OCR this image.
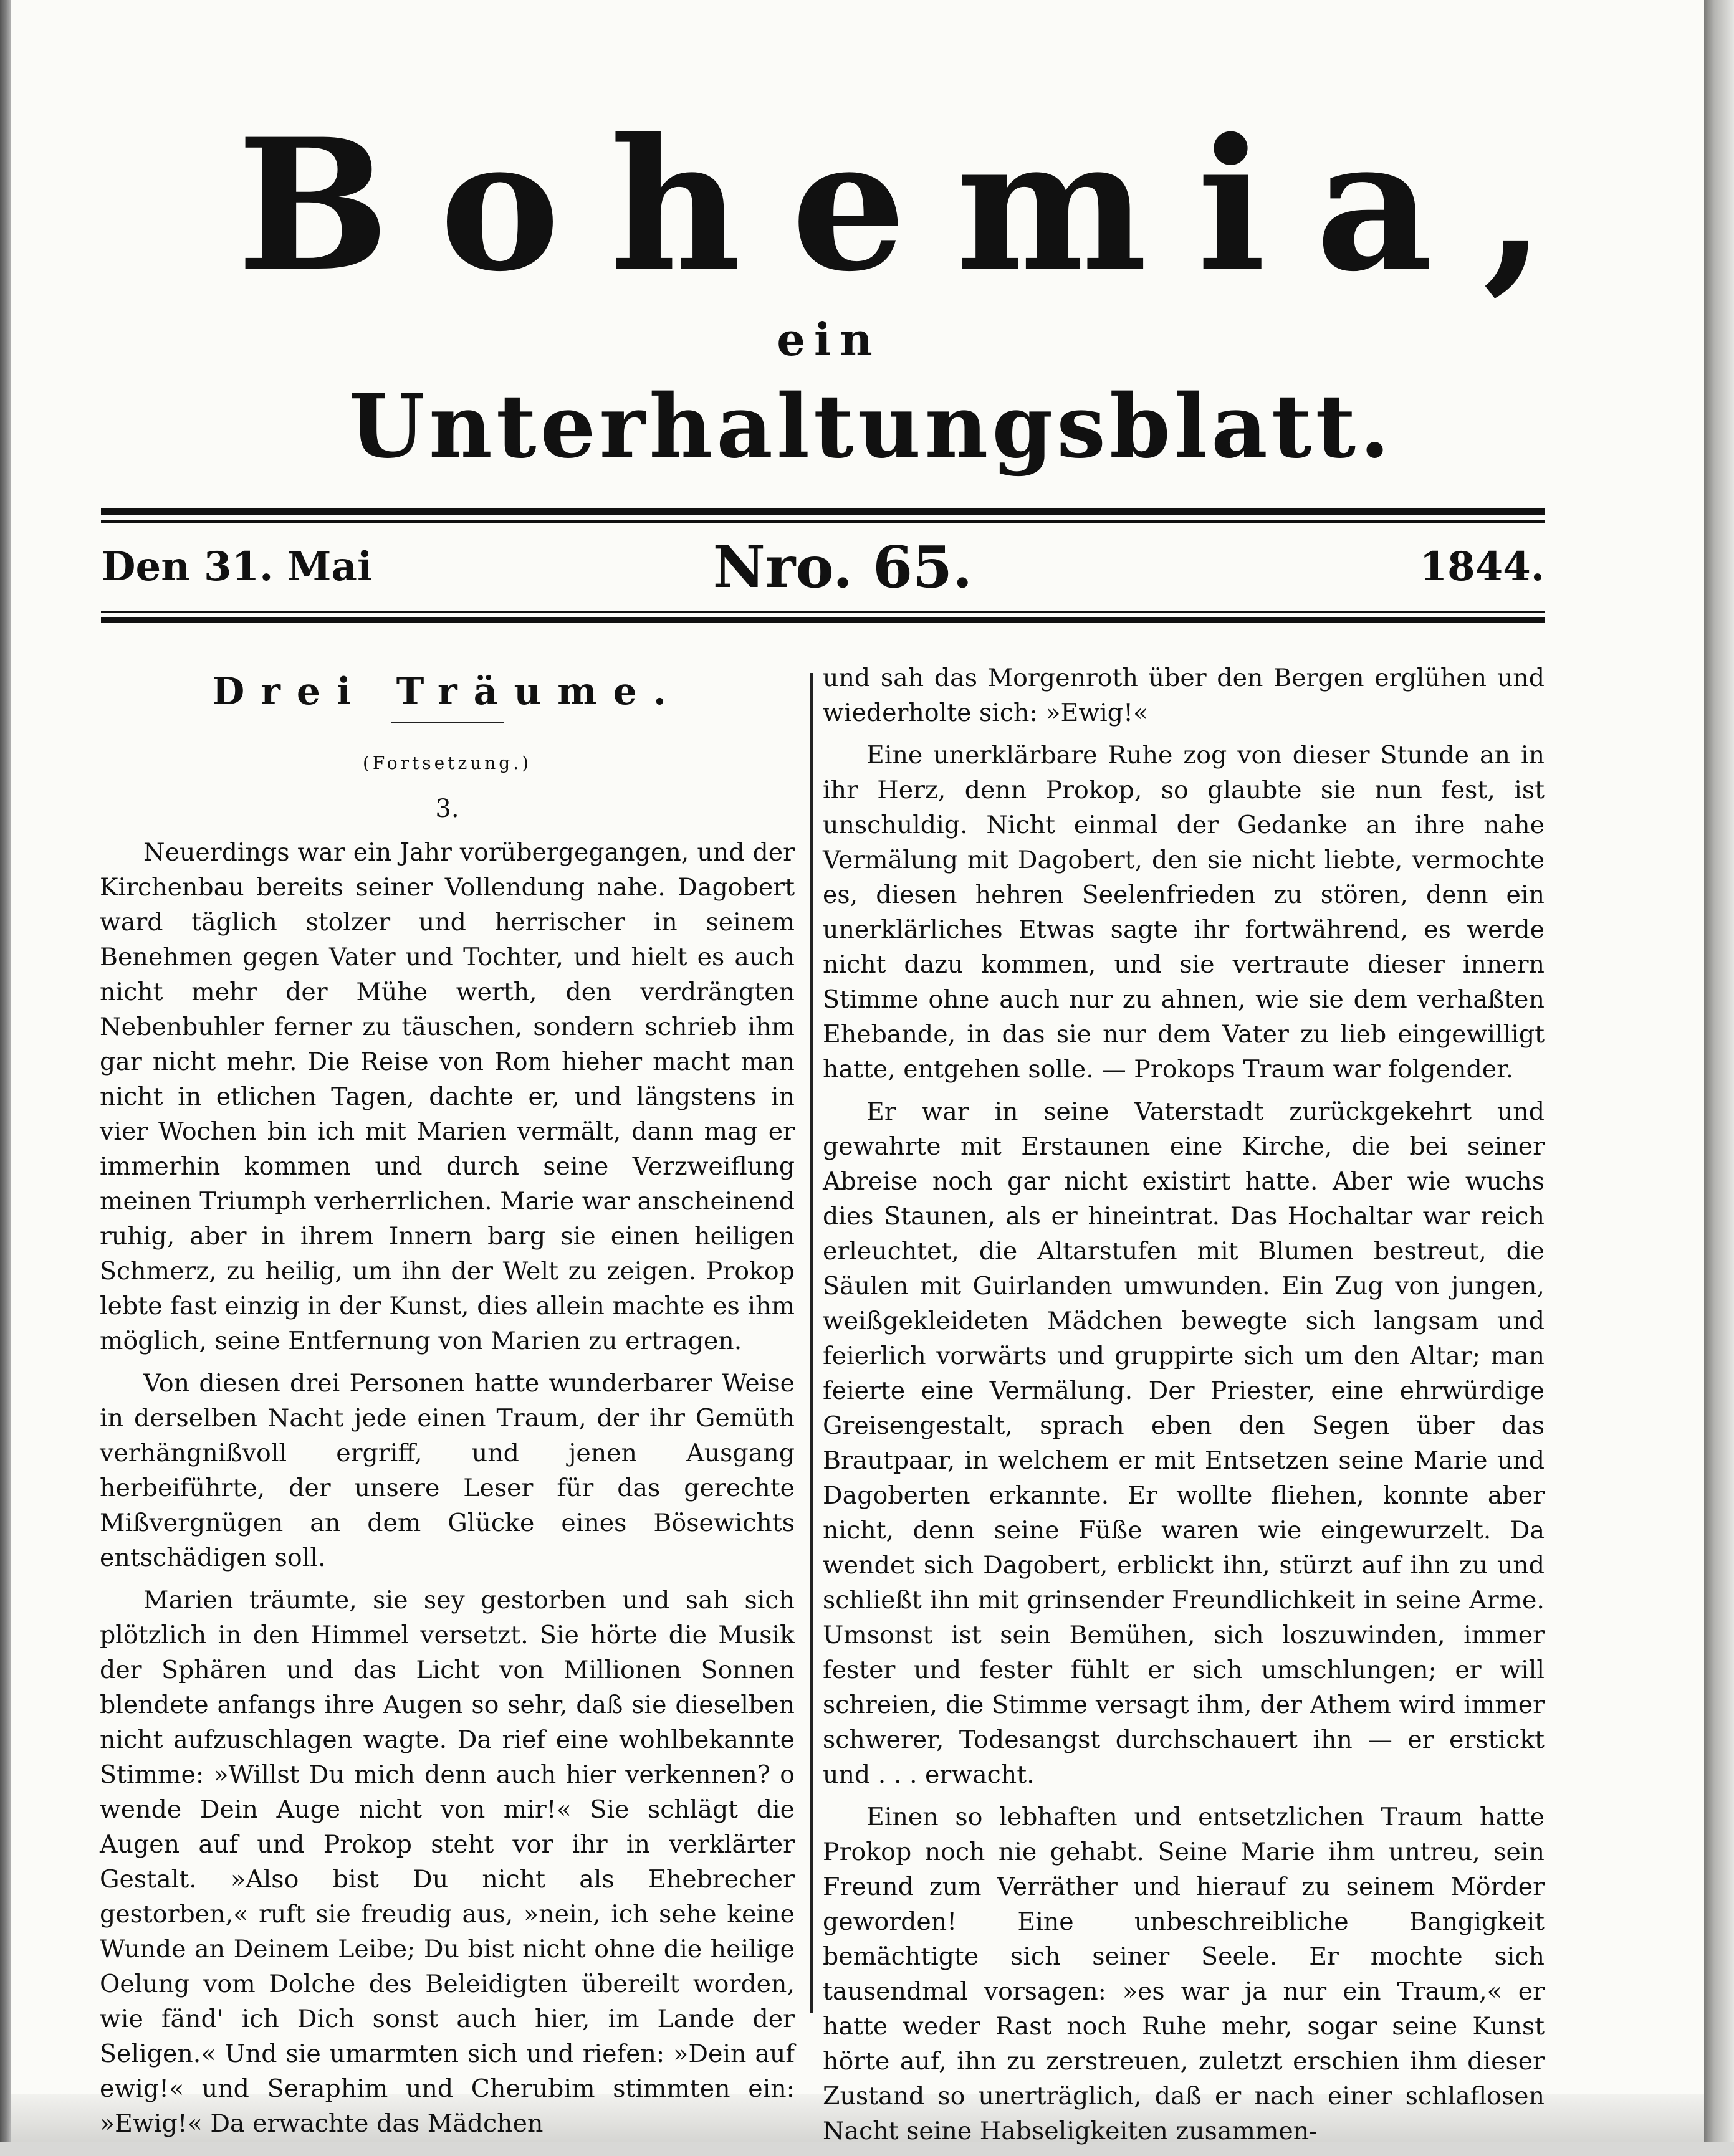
Bohemia,
ein
Unterhaltungsblatt.
Den 31. Mai	Nro. 65.	1844.
Drei Träume.
(Fortsetzung.)
3.

Neuerdings war ein Jahr vorübergegangen, und der Kirchenbau bereits seiner Vollendung nahe. Dagobert ward täglich stolzer und herrischer in seinem Benehmen gegen Vater und Tochter, und hielt es auch nicht mehr der Mühe werth, den verdrängten Nebenbuhler ferner zu täuschen, sondern schrieb ihm gar nicht mehr. Die Reise von Rom hieher macht man nicht in etlichen Tagen, dachte er, und längstens in vier Wochen bin ich mit Marien vermält, dann mag er immerhin kommen und durch seine Verzweiflung meinen Triumph verherrlichen. Marie war anscheinend ruhig, aber in ihrem Innern barg sie einen heiligen Schmerz, zu heilig, um ihn der Welt zu zeigen. Prokop lebte fast einzig in der Kunst, dies allein machte es ihm möglich, seine Entfernung von Marien zu ertragen.

Von diesen drei Personen hatte wunderbarer Weise in derselben Nacht jede einen Traum, der ihr Gemüth verhängnißvoll ergriff, und jenen Ausgang herbeiführte, der unsere Leser für das gerechte Mißvergnügen an dem Glücke eines Bösewichts entschädigen soll.

Marien träumte, sie sey gestorben und sah sich plötzlich in den Himmel versetzt. Sie hörte die Musik der Sphären und das Licht von Millionen Sonnen blendete anfangs ihre Augen so sehr, daß sie dieselben nicht aufzuschlagen wagte. Da rief eine wohlbekannte Stimme: »Willst Du mich denn auch hier verkennen? o wende Dein Auge nicht von mir!« Sie schlägt die Augen auf und Prokop steht vor ihr in verklärter Gestalt. »Also bist Du nicht als Ehebrecher gestorben,« ruft sie freudig aus, »nein, ich sehe keine Wunde an Deinem Leibe; Du bist nicht ohne die heilige Oelung vom Dolche des Beleidigten übereilt worden, wie fänd' ich Dich sonst auch hier, im Lande der Seligen.« Und sie umarmten sich und riefen: »Dein auf ewig!« und Seraphim und Cherubim stimmten ein: »Ewig!« Da erwachte das Mädchen

und sah das Morgenroth über den Bergen erglühen und wiederholte sich: »Ewig!«

Eine unerklärbare Ruhe zog von dieser Stunde an in ihr Herz, denn Prokop, so glaubte sie nun fest, ist unschuldig. Nicht einmal der Gedanke an ihre nahe Vermälung mit Dagobert, den sie nicht liebte, vermochte es, diesen hehren Seelenfrieden zu stören, denn ein unerklärliches Etwas sagte ihr fortwährend, es werde nicht dazu kommen, und sie vertraute dieser innern Stimme ohne auch nur zu ahnen, wie sie dem verhaßten Ehebande, in das sie nur dem Vater zu lieb eingewilligt hatte, entgehen solle. — Prokops Traum war folgender.

Er war in seine Vaterstadt zurückgekehrt und gewahrte mit Erstaunen eine Kirche, die bei seiner Abreise noch gar nicht existirt hatte. Aber wie wuchs dies Staunen, als er hineintrat. Das Hochaltar war reich erleuchtet, die Altarstufen mit Blumen bestreut, die Säulen mit Guirlanden umwunden. Ein Zug von jungen, weißgekleideten Mädchen bewegte sich langsam und feierlich vorwärts und gruppirte sich um den Altar; man feierte eine Vermälung. Der Priester, eine ehrwürdige Greisengestalt, sprach eben den Segen über das Brautpaar, in welchem er mit Entsetzen seine Marie und Dagoberten erkannte. Er wollte fliehen, konnte aber nicht, denn seine Füße waren wie eingewurzelt. Da wendet sich Dagobert, erblickt ihn, stürzt auf ihn zu und schließt ihn mit grinsender Freundlichkeit in seine Arme. Umsonst ist sein Bemühen, sich loszuwinden, immer fester und fester fühlt er sich umschlungen; er will schreien, die Stimme versagt ihm, der Athem wird immer schwerer, Todesangst durchschauert ihn — er erstickt und . . . erwacht.

Einen so lebhaften und entsetzlichen Traum hatte Prokop noch nie gehabt. Seine Marie ihm untreu, sein Freund zum Verräther und hierauf zu seinem Mörder geworden! Eine unbeschreibliche Bangigkeit bemächtigte sich seiner Seele. Er mochte sich tausendmal vorsagen: »es war ja nur ein Traum,« er hatte weder Rast noch Ruhe mehr, sogar seine Kunst hörte auf, ihn zu zerstreuen, zuletzt erschien ihm dieser Zustand so unerträglich, daß er nach einer schlaflosen Nacht seine Habseligkeiten zusammen-
